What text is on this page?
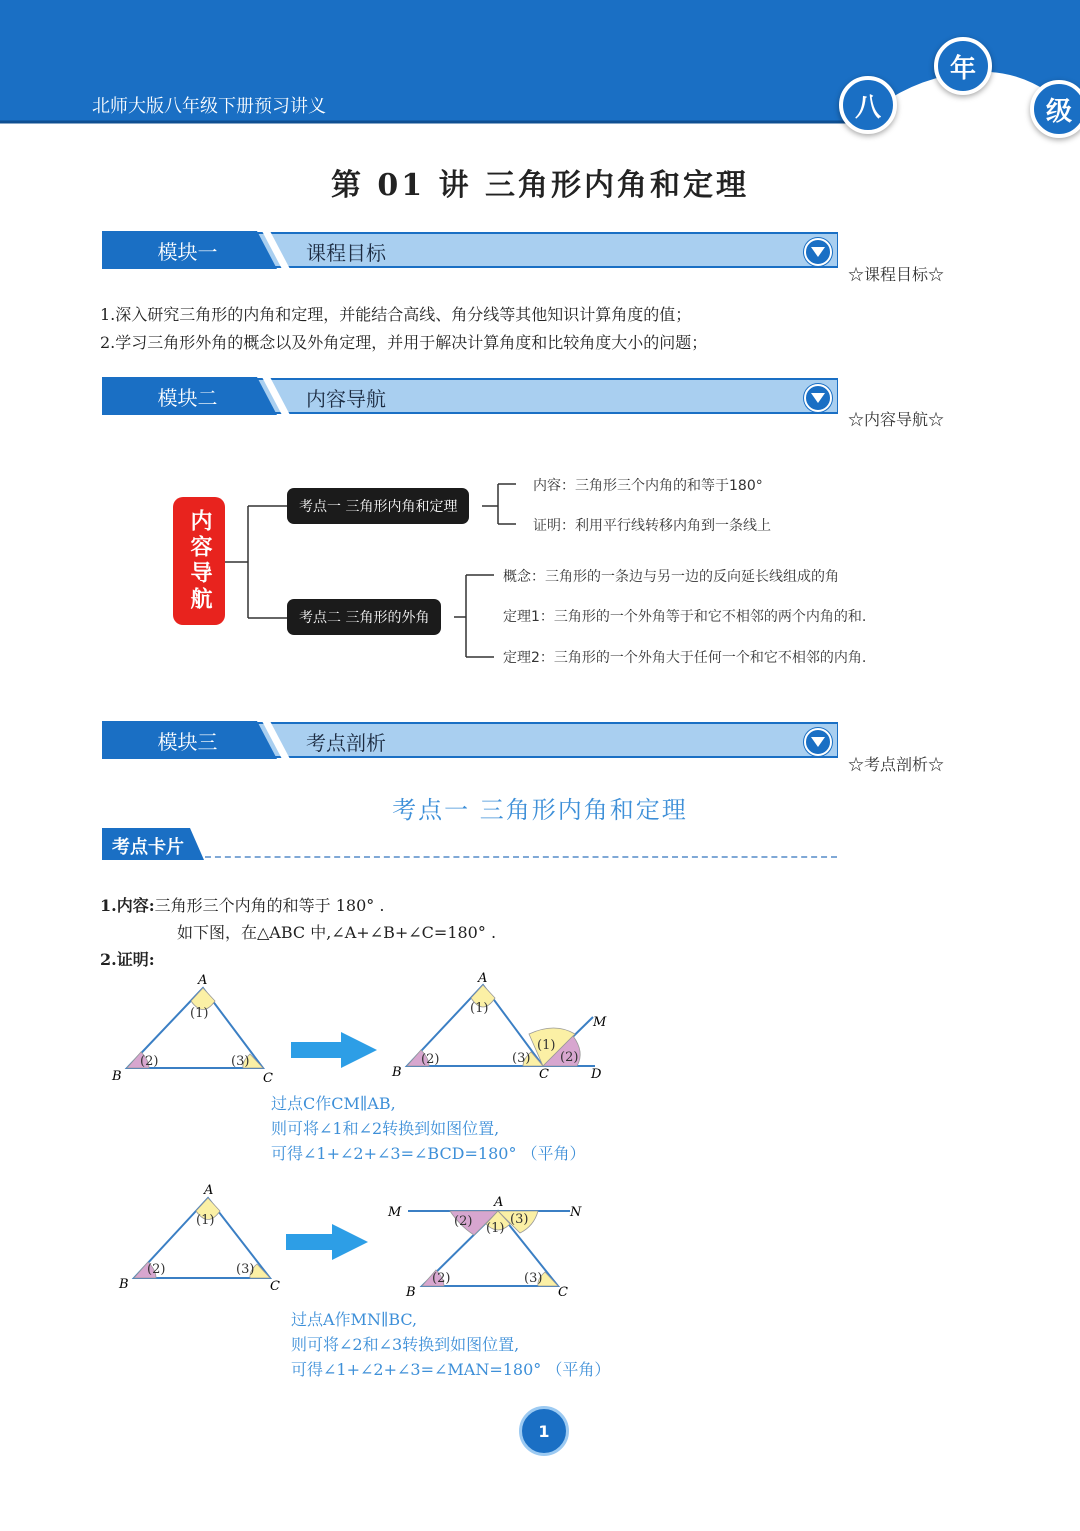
北师大版八年级下册预习讲义	八
年
级
第 01 讲 三角形内角和定理
模块一	课程目标
☆课程目标☆
1.深入研究三角形的内角和定理，并能结合高线、角分线等其他知识计算角度的值；
2.学习三角形外角的概念以及外角定理，并用于解决计算角度和比较角度大小的问题；
模块二	内容导航
☆内容导航☆
内容导航
考点一 三角形内角和定理
考点二 三角形的外角
内容：三角形三个内角的和等于180°
证明：利用平行线转移内角到一条线上
概念：三角形的一条边与另一边的反向延长线组成的角
定理1：三角形的一个外角等于和它不相邻的两个内角的和.
定理2：三角形的一个外角大于任何一个和它不相邻的内角.
模块三	考点剖析
☆考点剖析☆
考点一 三角形内角和定理
考点卡片
1.内容:三角形三个内角的和等于 180° .
如下图，在△ABC 中,∠A+∠B+∠C=180° .
2.证明:
(1)
(2)	(3)
A
B	C
(1)
(2)	(3)
(1)
(2)
A
B	C	D
M
过点C作CM∥AB,
则可将∠1和∠2转换到如图位置,
可得∠1+∠2+∠3=∠BCD=180° （平角）
(1)
(2)	(3)
A
B	C
(2) (1)
(3)
(2)	(3)
A
M	N
B	C
过点A作MN∥BC,
则可将∠2和∠3转换到如图位置,
可得∠1+∠2+∠3=∠MAN=180° （平角）
1
